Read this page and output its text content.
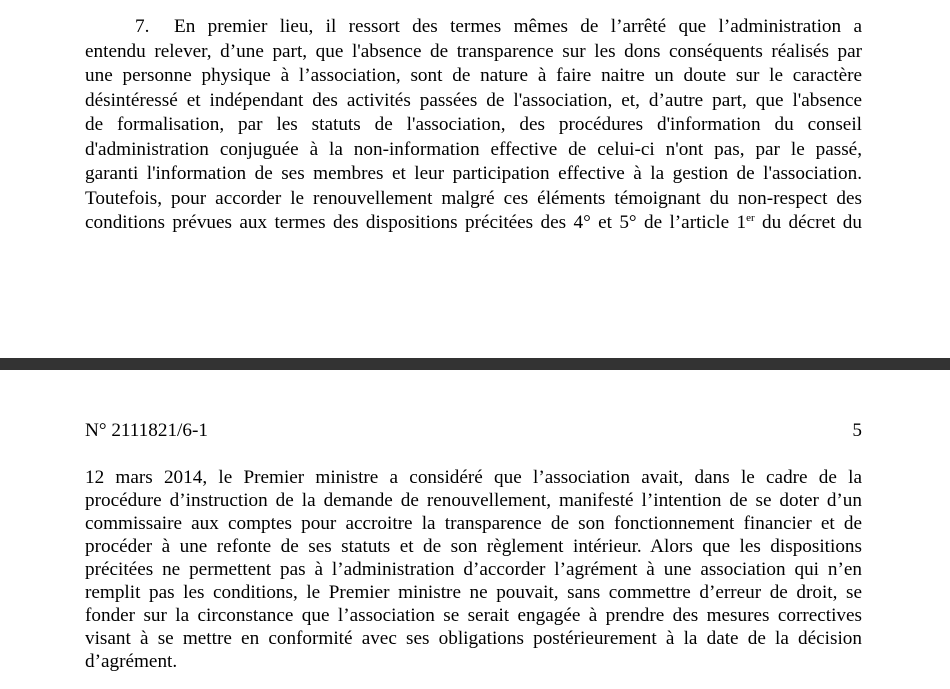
7. En premier lieu, il ressort des termes mêmes de l’arrêté que l’administration a
entendu relever, d’une part, que l'absence de transparence sur les dons conséquents réalisés par
une personne physique à l’association, sont de nature à faire naitre un doute sur le caractère
désintéressé et indépendant des activités passées de l'association, et, d’autre part, que l'absence
de formalisation, par les statuts de l'association, des procédures d'information du conseil
d'administration conjuguée à la non-information effective de celui-ci n'ont pas, par le passé,
garanti l'information de ses membres et leur participation effective à la gestion de l'association.
Toutefois, pour accorder le renouvellement malgré ces éléments témoignant du non-respect des
conditions prévues aux termes des dispositions précitées des 4° et 5° de l’article 1er du décret du
N° 2111821/6-1	5
12 mars 2014, le Premier ministre a considéré que l’association avait, dans le cadre de la
procédure d’instruction de la demande de renouvellement, manifesté l’intention de se doter d’un
commissaire aux comptes pour accroitre la transparence de son fonctionnement financier et de
procéder à une refonte de ses statuts et de son règlement intérieur. Alors que les dispositions
précitées ne permettent pas à l’administration d’accorder l’agrément à une association qui n’en
remplit pas les conditions, le Premier ministre ne pouvait, sans commettre d’erreur de droit, se
fonder sur la circonstance que l’association se serait engagée à prendre des mesures correctives
visant à se mettre en conformité avec ses obligations postérieurement à la date de la décision
d’agrément.
